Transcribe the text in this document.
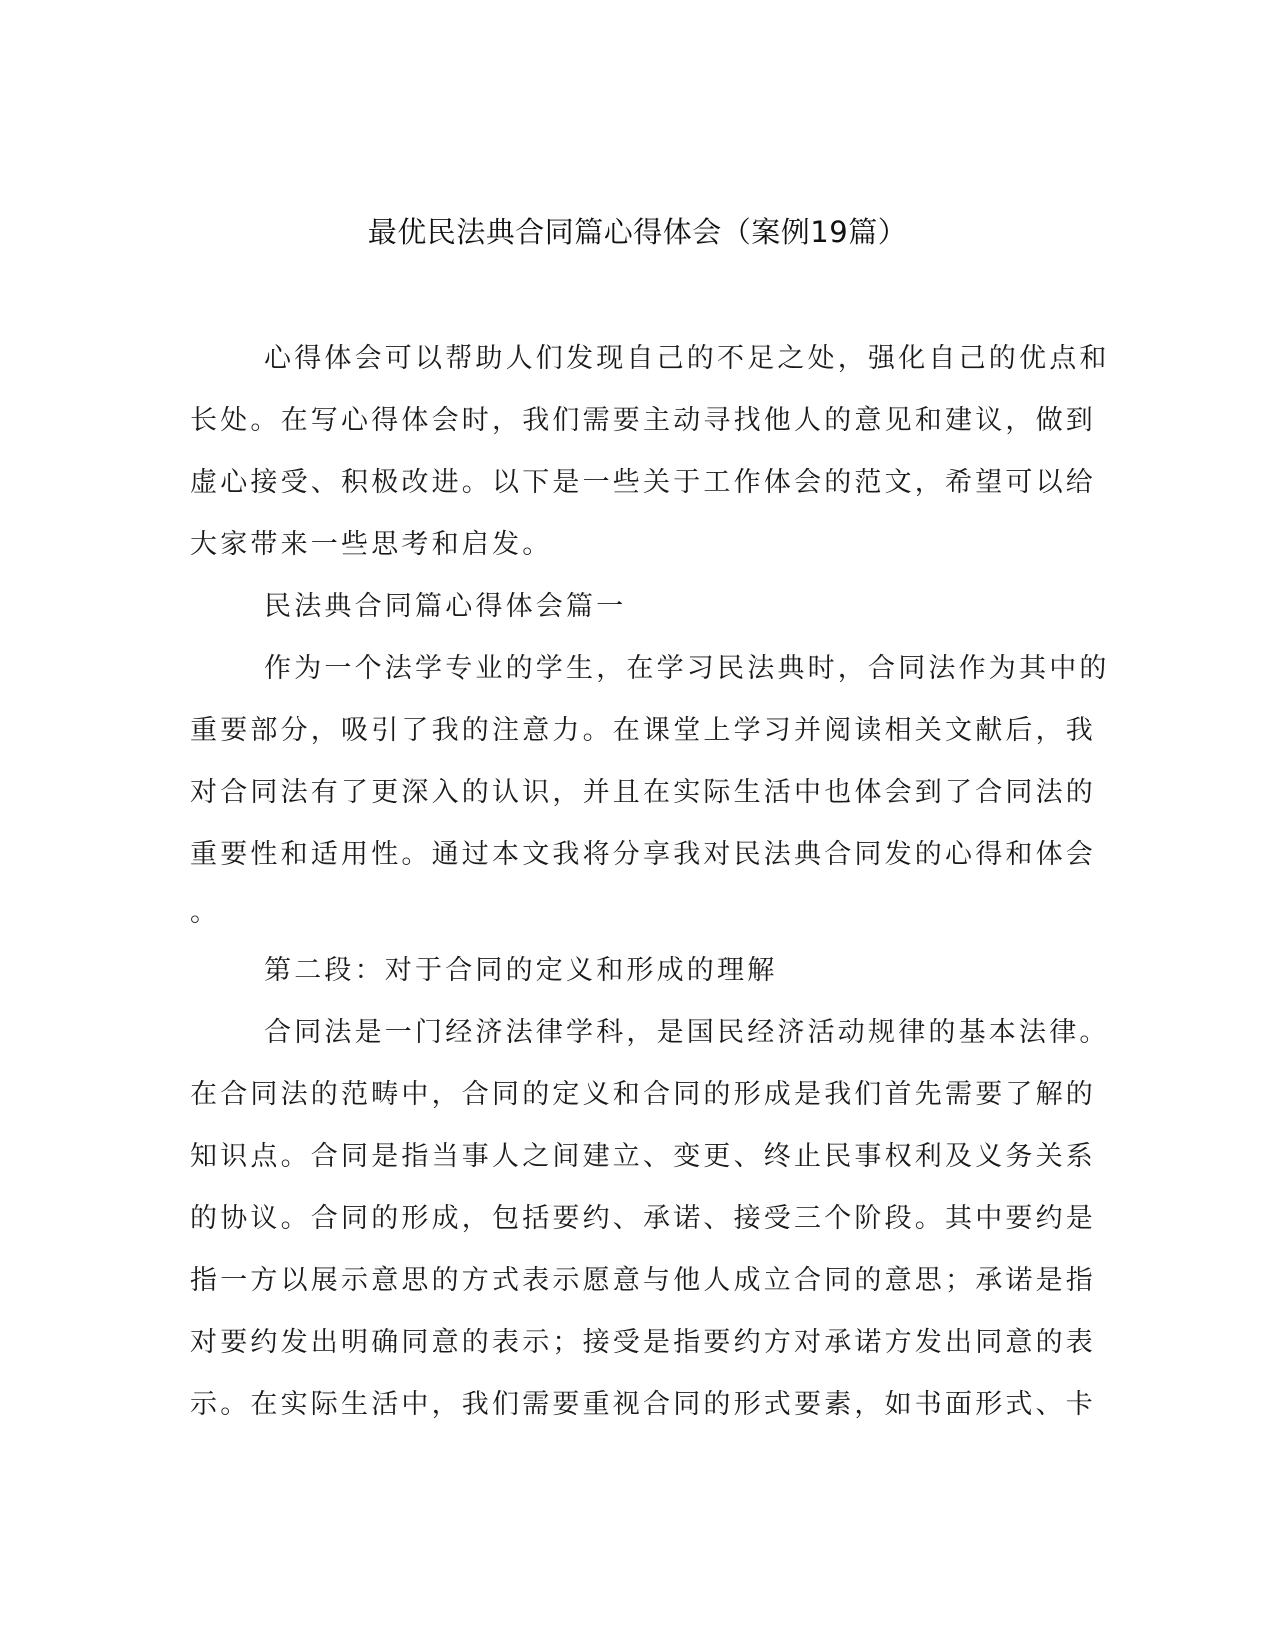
最优民法典合同篇心得体会（案例19篇）
心得体会可以帮助人们发现自己的不足之处，强化自己的优点和
长处。在写心得体会时，我们需要主动寻找他人的意见和建议，做到
虚心接受、积极改进。以下是一些关于工作体会的范文，希望可以给
大家带来一些思考和启发。
民法典合同篇心得体会篇一
作为一个法学专业的学生，在学习民法典时，合同法作为其中的
重要部分，吸引了我的注意力。在课堂上学习并阅读相关文献后，我
对合同法有了更深入的认识，并且在实际生活中也体会到了合同法的
重要性和适用性。通过本文我将分享我对民法典合同发的心得和体会
。
第二段：对于合同的定义和形成的理解
合同法是一门经济法律学科，是国民经济活动规律的基本法律。
在合同法的范畴中，合同的定义和合同的形成是我们首先需要了解的
知识点。合同是指当事人之间建立、变更、终止民事权利及义务关系
的协议。合同的形成，包括要约、承诺、接受三个阶段。其中要约是
指一方以展示意思的方式表示愿意与他人成立合同的意思；承诺是指
对要约发出明确同意的表示；接受是指要约方对承诺方发出同意的表
示。在实际生活中，我们需要重视合同的形式要素，如书面形式、卡
